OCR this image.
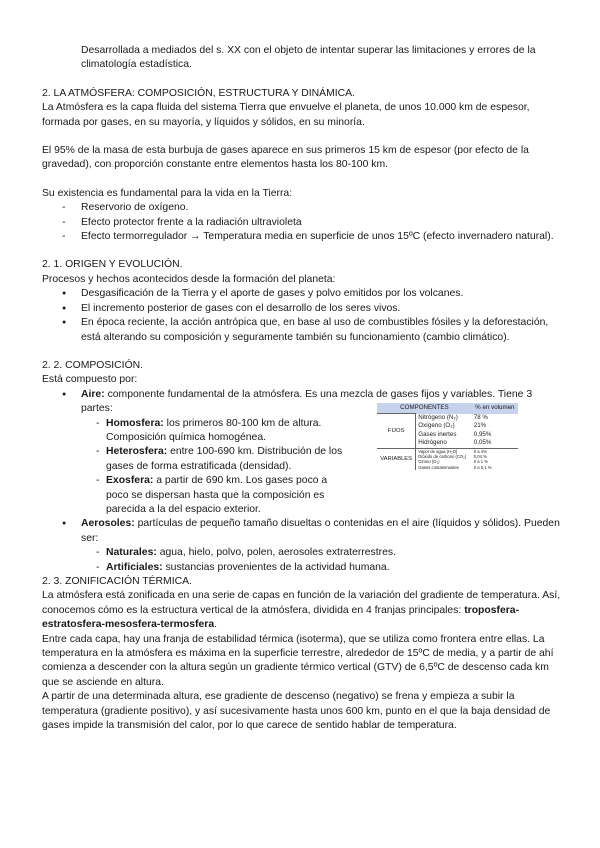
Desarrollada a mediados del s. XX con el objeto de intentar superar las limitaciones y errores de la climatología estadística.

2. LA ATMÓSFERA: COMPOSICIÓN, ESTRUCTURA Y DINÁMICA.

La Atmósfera es la capa fluida del sistema Tierra que envuelve el planeta, de unos 10.000 km de espesor, formada por gases, en su mayoría, y líquidos y sólidos, en su minoría.

El 95% de la masa de esta burbuja de gases aparece en sus primeros 15 km de espesor (por efecto de la gravedad), con proporción constante entre elementos hasta los 80-100 km.

Su existencia es fundamental para la vida en la Tierra:

- Reservorio de oxígeno.
- Efecto protector frente a la radiación ultravioleta
- Efecto termorregulador → Temperatura media en superficie de unos 15ºC (efecto invernadero natural).

2. 1. ORIGEN Y EVOLUCIÓN.

Procesos y hechos acontecidos desde la formación del planeta:

● Desgasificación de la Tierra y el aporte de gases y polvo emitidos por los volcanes.
● El incremento posterior de gases con el desarrollo de los seres vivos.
● En época reciente, la acción antrópica que, en base al uso de combustibles fósiles y la deforestación, está alterando su composición y seguramente también su funcionamiento (cambio climático).

2. 2. COMPOSICIÓN.

Está compuesto por:

● Aire: componente fundamental de la atmósfera. Es una mezcla de gases fijos y variables. Tiene 3 partes:
- Homosfera: los primeros 80-100 km de altura. Composición química homogénea.
- Heterosfera: entre 100-690 km. Distribución de los gases de forma estratificada (densidad).
- Exosfera: a partir de 690 km. Los gases poco a poco se dispersan hasta que la composición es parecida a la del espacio exterior.
● Aerosoles: partículas de pequeño tamaño disueltas o contenidas en el aire (líquidos y sólidos). Pueden ser:
- Naturales: agua, hielo, polvo, polen, aerosoles extraterrestres.
- Artificiales: sustancias provenientes de la actividad humana.

2. 3. ZONIFICACIÓN TÉRMICA.

La atmósfera está zonificada en una serie de capas en función de la variación del gradiente de temperatura. Así, conocemos cómo es la estructura vertical de la atmósfera, dividida en 4 franjas principales: troposfera-estratosfera-mesosfera-termosfera.

Entre cada capa, hay una franja de estabilidad térmica (isoterma), que se utiliza como frontera entre ellas. La temperatura en la atmósfera es máxima en la superficie terrestre, alrededor de 15ºC de media, y a partir de ahí comienza a descender con la altura según un gradiente térmico vertical (GTV) de 6,5ºC de descenso cada km que se asciende en altura.

A partir de una determinada altura, ese gradiente de descenso (negativo) se frena y empieza a subir la temperatura (gradiente positivo), y así sucesivamente hasta unos 600 km, punto en el que la baja densidad de gases impide la transmisión del calor, por lo que carece de sentido hablar de temperatura.

COMPONENTES		% en volumen
FIJOS	Nitrógeno (N₂)	78 %
	Oxígeno (O₂)	21%
	Gases inertes	0,95%
	Hidrógeno	0,05%
VARIABLES	Vapor de agua (H₂O)	0 a 4%
	Dióxido de carbono (CO₂)	0,04 %
	Ozono (O₃)	0 a 1 %
	Gases contaminantes	0 a 0,1 %
